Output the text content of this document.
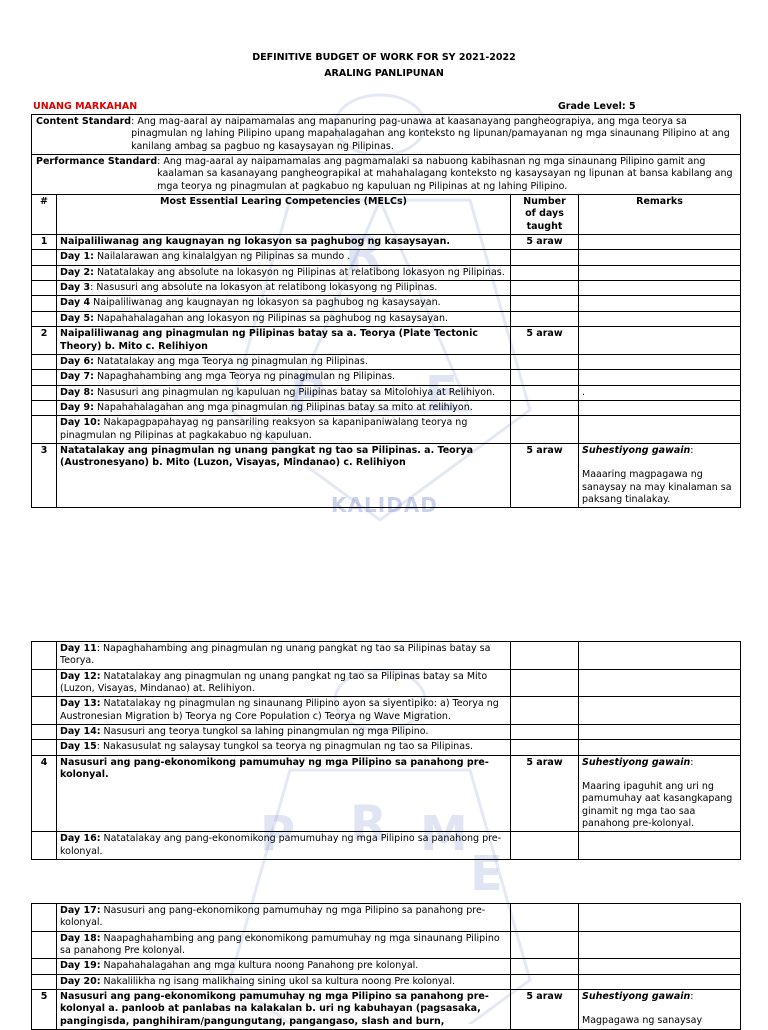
R
P E
KALIDAD
P R M
E
DEFINITIVE BUDGET OF WORK FOR SY 2021-2022
ARALING PANLIPUNAN
UNANG MARKAHAN	Grade Level: 5
Content Standard : Ang mag-aaral ay naipamamalas ang mapanuring pag-unawa at kaasanayang pangheograpiya, ang mga teorya sa pinagmulan ng lahing Pilipino upang mapahalagahan ang konteksto ng lipunan/pamayanan ng mga sinaunang Pilipino at ang kanilang ambag sa pagbuo ng kasaysayan ng Pilipinas.			

Performance Standard : Ang mag-aaral ay naipamamalas ang pagmamalaki sa nabuong kabihasnan ng mga sinaunang Pilipino gamit ang kaalaman sa kasanayang pangheograpikal at mahahalagang konteksto ng kasaysayan ng lipunan at bansa kabilang ang mga teorya ng pinagmulan at pagkabuo ng kapuluan ng Pilipinas at ng lahing Pilipino.			

#	Most Essential Learing Competencies (MELCs)	Number of days taught	Remarks
1	Naipaliliwanag ang kaugnayan ng lokasyon sa paghubog ng kasaysayan.	5 araw	
	Day 1: Nailalarawan ang kinalalgyan ng Pilipinas sa mundo .		
	Day 2: Natatalakay ang absolute na lokasyon ng Pilipinas at relatibong lokasyon ng Pilipinas.		
	Day 3: Nasusuri ang absolute na lokasyon at relatibong lokasyong ng Pilipinas.		
	Day 4 Naipaliliwanag ang kaugnayan ng lokasyon sa paghubog ng kasaysayan.		
	Day 5: Napahahalagahan ang lokasyon ng Pilipinas sa paghubog ng kasaysayan.		
2	Naipaliliwanag ang pinagmulan ng Pilipinas batay sa a. Teorya (Plate Tectonic Theory) b. Mito c. Relihiyon	5 araw	
	Day 6: Natatalakay ang mga Teorya ng pinagmulan ng Pilipinas.		
	Day 7: Napaghahambing ang mga Teorya ng pinagmulan ng Pilipinas.		
	Day 8: Nasusuri ang pinagmulan ng kapuluan ng Pilipinas batay sa Mitolohiya at Relihiyon.		.

	Day 9: Napahahalagahan ang mga pinagmulan ng Pilipinas batay sa mito at relihiyon.		
	Day 10: Nakapagpapahayag ng pansariling reaksyon sa kapanipaniwalang teorya ng pinagmulan ng Pilipinas at pagkakabuo ng kapuluan.		
3	Natatalakay ang pinagmulan ng unang pangkat ng tao sa Pilipinas. a. Teorya (Austronesyano) b. Mito (Luzon, Visayas, Mindanao) c. Relihiyon	5 araw	Suhestiyong gawain:
Maaaring magpagawa ng sanaysay na may kinalaman sa paksang tinalakay.
	Day 11: Napaghahambing ang pinagmulan ng unang pangkat ng tao sa Pilipinas batay sa Teorya.		
	Day 12: Natatalakay ang pinagmulan ng unang pangkat ng tao sa Pilipinas batay sa Mito (Luzon, Visayas, Mindanao) at. Relihiyon.		
	Day 13: Natatalakay ng pinagmulan ng sinaunang Pilipino ayon sa siyentipiko: a) Teorya ng Austronesian Migration b) Teorya ng Core Population c) Teorya ng Wave Migration.		
	Day 14: Nasusuri ang teorya tungkol sa lahing pinangmulan ng mga Pilipino.		
	Day 15: Nakasusulat ng salaysay tungkol sa teorya ng pinagmulan ng tao sa Pilipinas.		
4	Nasusuri ang pang-ekonomikong pamumuhay ng mga Pilipino sa panahong pre-kolonyal.	5 araw	Suhestiyong gawain:
Maaring ipaguhit ang uri ng pamumuhay aat kasangkapang ginamit ng mga tao saa panahong pre-kolonyal.

	Day 16: Natatalakay ang pang-ekonomikong pamumuhay ng mga Pilipino sa panahong pre-kolonyal.		
	Day 17: Nasusuri ang pang-ekonomikong pamumuhay ng mga Pilipino sa panahong pre-kolonyal.		
	Day 18: Naapaghahambing ang pang ekonomikong pamumuhay ng mga sinaunang Pilipino sa panahong Pre kolonyal.		
	Day 19: Napahahalagahan ang mga kultura noong Panahong pre kolonyal.		
	Day 20: Nakalilikha ng isang malikhaing sining ukol sa kultura noong Pre kolonyal.		
5	Nasusuri ang pang-ekonomikong pamumuhay ng mga Pilipino sa panahong pre-kolonyal a. panloob at panlabas na kalakalan b. uri ng kabuhayan (pagsasaka, pangingisda, panghihiram/pangungutang, pangangaso, slash and burn,	5 araw	Suhestiyong gawain:
Magpagawa ng sanaysay
